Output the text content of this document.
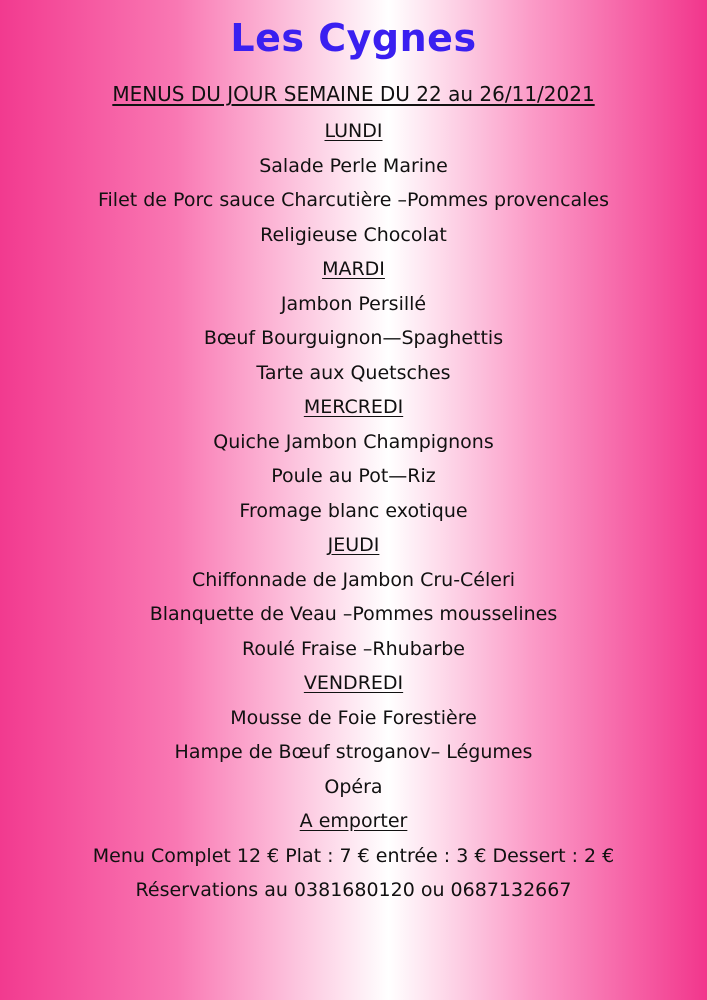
Les Cygnes
MENUS DU JOUR SEMAINE DU 22 au 26/11/2021
LUNDI
Salade Perle Marine
Filet de Porc sauce Charcutière –Pommes provencales
Religieuse Chocolat
MARDI
Jambon Persillé
Bœuf Bourguignon—Spaghettis
Tarte aux Quetsches
MERCREDI
Quiche Jambon Champignons
Poule au Pot—Riz
Fromage blanc exotique
JEUDI
Chiffonnade de Jambon Cru-Céleri
Blanquette de Veau –Pommes mousselines
Roulé Fraise –Rhubarbe
VENDREDI
Mousse de Foie Forestière
Hampe de Bœuf stroganov– Légumes
Opéra
A emporter
Menu Complet 12 € Plat : 7 € entrée : 3 € Dessert : 2 €
Réservations au 0381680120 ou 0687132667
